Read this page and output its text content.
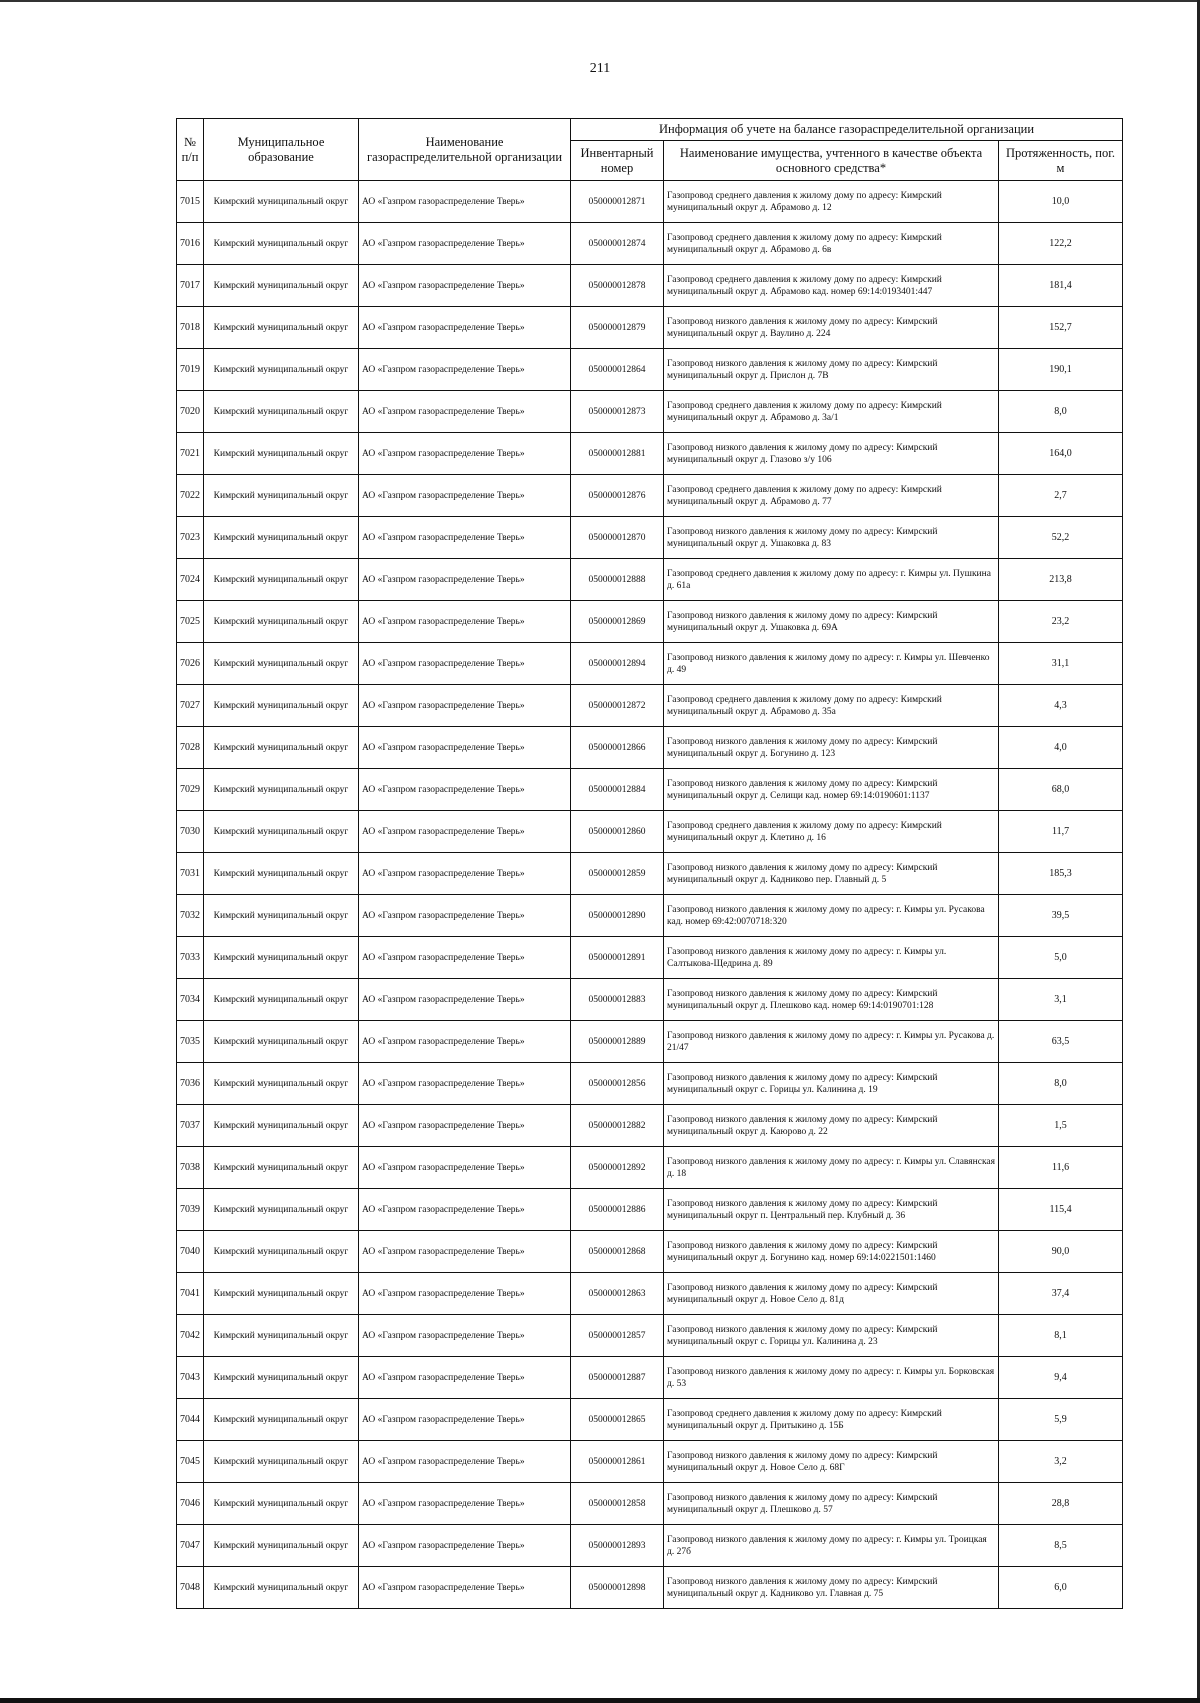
211
№ п/п	Муниципальное образование	Наименование газораспределительной организации	Информация об учете на балансе газораспределительной организации		
			Инвентарный номер	Наименование имущества, учтенного в качестве объекта основного средства*	Протяженность, пог. м
7015	Кимрский муниципальный округ	АО «Газпром газораспределение Тверь»	050000012871	Газопровод среднего давления к жилому дому по адресу: Кимрский муниципальный округ д. Абрамово д. 12	10,0
7016	Кимрский муниципальный округ	АО «Газпром газораспределение Тверь»	050000012874	Газопровод среднего давления к жилому дому по адресу: Кимрский муниципальный округ д. Абрамово д. 6в	122,2
7017	Кимрский муниципальный округ	АО «Газпром газораспределение Тверь»	050000012878	Газопровод среднего давления к жилому дому по адресу: Кимрский муниципальный округ д. Абрамово кад. номер 69:14:0193401:447	181,4
7018	Кимрский муниципальный округ	АО «Газпром газораспределение Тверь»	050000012879	Газопровод низкого давления к жилому дому по адресу: Кимрский муниципальный округ д. Ваулино д. 224	152,7
7019	Кимрский муниципальный округ	АО «Газпром газораспределение Тверь»	050000012864	Газопровод низкого давления к жилому дому по адресу: Кимрский муниципальный округ д. Прислон д. 7В	190,1
7020	Кимрский муниципальный округ	АО «Газпром газораспределение Тверь»	050000012873	Газопровод среднего давления к жилому дому по адресу: Кимрский муниципальный округ д. Абрамово д. 3а/1	8,0
7021	Кимрский муниципальный округ	АО «Газпром газораспределение Тверь»	050000012881	Газопровод низкого давления к жилому дому по адресу: Кимрский муниципальный округ д. Глазово з/у 106	164,0
7022	Кимрский муниципальный округ	АО «Газпром газораспределение Тверь»	050000012876	Газопровод среднего давления к жилому дому по адресу: Кимрский муниципальный округ д. Абрамово д. 77	2,7
7023	Кимрский муниципальный округ	АО «Газпром газораспределение Тверь»	050000012870	Газопровод низкого давления к жилому дому по адресу: Кимрский муниципальный округ д. Ушаковка д. 83	52,2
7024	Кимрский муниципальный округ	АО «Газпром газораспределение Тверь»	050000012888	Газопровод среднего давления к жилому дому по адресу: г. Кимры ул. Пушкина д. 61а	213,8
7025	Кимрский муниципальный округ	АО «Газпром газораспределение Тверь»	050000012869	Газопровод низкого давления к жилому дому по адресу: Кимрский муниципальный округ д. Ушаковка д. 69А	23,2
7026	Кимрский муниципальный округ	АО «Газпром газораспределение Тверь»	050000012894	Газопровод низкого давления к жилому дому по адресу: г. Кимры ул. Шевченко д. 49	31,1
7027	Кимрский муниципальный округ	АО «Газпром газораспределение Тверь»	050000012872	Газопровод среднего давления к жилому дому по адресу: Кимрский муниципальный округ д. Абрамово д. 35а	4,3
7028	Кимрский муниципальный округ	АО «Газпром газораспределение Тверь»	050000012866	Газопровод низкого давления к жилому дому по адресу: Кимрский муниципальный округ д. Богунино д. 123	4,0
7029	Кимрский муниципальный округ	АО «Газпром газораспределение Тверь»	050000012884	Газопровод низкого давления к жилому дому по адресу: Кимрский муниципальный округ д. Селищи кад. номер 69:14:0190601:1137	68,0
7030	Кимрский муниципальный округ	АО «Газпром газораспределение Тверь»	050000012860	Газопровод среднего давления к жилому дому по адресу: Кимрский муниципальный округ д. Клетино д. 16	11,7
7031	Кимрский муниципальный округ	АО «Газпром газораспределение Тверь»	050000012859	Газопровод низкого давления к жилому дому по адресу: Кимрский муниципальный округ д. Кадниково пер. Главный д. 5	185,3
7032	Кимрский муниципальный округ	АО «Газпром газораспределение Тверь»	050000012890	Газопровод низкого давления к жилому дому по адресу: г. Кимры ул. Русакова кад. номер 69:42:0070718:320	39,5
7033	Кимрский муниципальный округ	АО «Газпром газораспределение Тверь»	050000012891	Газопровод низкого давления к жилому дому по адресу: г. Кимры ул. Салтыкова-Щедрина д. 89	5,0
7034	Кимрский муниципальный округ	АО «Газпром газораспределение Тверь»	050000012883	Газопровод низкого давления к жилому дому по адресу: Кимрский муниципальный округ д. Плешково кад. номер 69:14:0190701:128	3,1
7035	Кимрский муниципальный округ	АО «Газпром газораспределение Тверь»	050000012889	Газопровод низкого давления к жилому дому по адресу: г. Кимры ул. Русакова д. 21/47	63,5
7036	Кимрский муниципальный округ	АО «Газпром газораспределение Тверь»	050000012856	Газопровод низкого давления к жилому дому по адресу: Кимрский муниципальный округ с. Горицы ул. Калинина д. 19	8,0
7037	Кимрский муниципальный округ	АО «Газпром газораспределение Тверь»	050000012882	Газопровод низкого давления к жилому дому по адресу: Кимрский муниципальный округ д. Каюрово д. 22	1,5
7038	Кимрский муниципальный округ	АО «Газпром газораспределение Тверь»	050000012892	Газопровод низкого давления к жилому дому по адресу: г. Кимры ул. Славянская д. 18	11,6
7039	Кимрский муниципальный округ	АО «Газпром газораспределение Тверь»	050000012886	Газопровод низкого давления к жилому дому по адресу: Кимрский муниципальный округ п. Центральный пер. Клубный д. 36	115,4
7040	Кимрский муниципальный округ	АО «Газпром газораспределение Тверь»	050000012868	Газопровод низкого давления к жилому дому по адресу: Кимрский муниципальный округ д. Богунино кад. номер 69:14:0221501:1460	90,0
7041	Кимрский муниципальный округ	АО «Газпром газораспределение Тверь»	050000012863	Газопровод низкого давления к жилому дому по адресу: Кимрский муниципальный округ д. Новое Село д. 81д	37,4
7042	Кимрский муниципальный округ	АО «Газпром газораспределение Тверь»	050000012857	Газопровод низкого давления к жилому дому по адресу: Кимрский муниципальный округ с. Горицы ул. Калинина д. 23	8,1
7043	Кимрский муниципальный округ	АО «Газпром газораспределение Тверь»	050000012887	Газопровод низкого давления к жилому дому по адресу: г. Кимры ул. Борковская д. 53	9,4
7044	Кимрский муниципальный округ	АО «Газпром газораспределение Тверь»	050000012865	Газопровод среднего давления к жилому дому по адресу: Кимрский муниципальный округ д. Притыкино д. 15Б	5,9
7045	Кимрский муниципальный округ	АО «Газпром газораспределение Тверь»	050000012861	Газопровод низкого давления к жилому дому по адресу: Кимрский муниципальный округ д. Новое Село д. 68Г	3,2
7046	Кимрский муниципальный округ	АО «Газпром газораспределение Тверь»	050000012858	Газопровод низкого давления к жилому дому по адресу: Кимрский муниципальный округ д. Плешково д. 57	28,8
7047	Кимрский муниципальный округ	АО «Газпром газораспределение Тверь»	050000012893	Газопровод низкого давления к жилому дому по адресу: г. Кимры ул. Троицкая д. 27б	8,5
7048	Кимрский муниципальный округ	АО «Газпром газораспределение Тверь»	050000012898	Газопровод низкого давления к жилому дому по адресу: Кимрский муниципальный округ д. Кадниково ул. Главная д. 75	6,0
